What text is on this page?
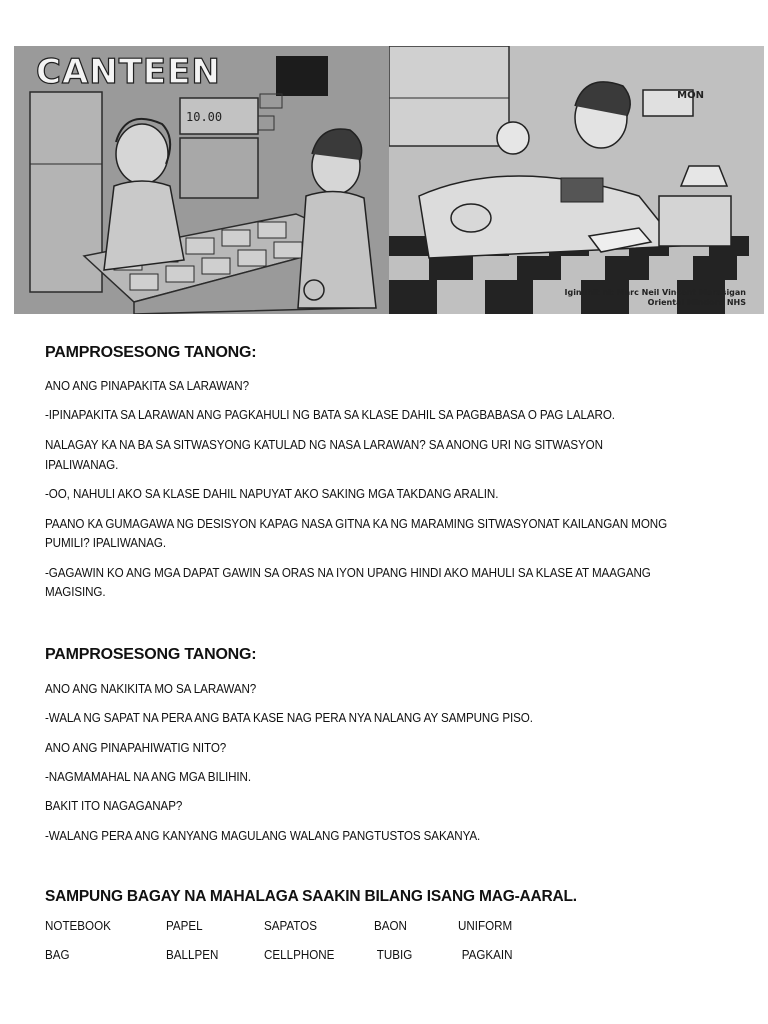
CANTEEN
10.00
MON
Iginuhit ni: Marc Neil Vincent Marasigan
Oriental Mindoro NHS
PAMPROSESONG TANONG:
ANO ANG PINAPAKITA SA LARAWAN?
-IPINAPAKITA SA LARAWAN ANG PAGKAHULI NG BATA SA KLASE DAHIL SA PAGBABASA O PAG LALARO.
NALAGAY KA NA BA SA SITWASYONG KATULAD NG NASA LARAWAN? SA ANONG URI NG SITWASYON
IPALIWANAG.
-OO, NAHULI AKO SA KLASE DAHIL NAPUYAT AKO SAKING MGA TAKDANG ARALIN.
PAANO KA GUMAGAWA NG DESISYON KAPAG NASA GITNA KA NG MARAMING SITWASYONAT KAILANGAN MONG
PUMILI? IPALIWANAG.
-GAGAWIN KO ANG MGA DAPAT GAWIN SA ORAS NA IYON UPANG HINDI AKO MAHULI SA KLASE AT MAAGANG
MAGISING.
PAMPROSESONG TANONG:
ANO ANG NAKIKITA MO SA LARAWAN?
-WALA NG SAPAT NA PERA ANG BATA KASE NAG PERA NYA NALANG AY SAMPUNG PISO.
ANO ANG PINAPAHIWATIG NITO?
-NAGMAMAHAL NA ANG MGA BILIHIN.
BAKIT ITO NAGAGANAP?
-WALANG PERA ANG KANYANG MAGULANG WALANG PANGTUSTOS SAKANYA.
SAMPUNG BAGAY NA MAHALAGA SAAKIN BILANG ISANG MAG-AARAL.
NOTEBOOK	PAPEL	SAPATOS	BAON	UNIFORM
BAG	BALLPEN	CELLPHONE	TUBIG	PAGKAIN
